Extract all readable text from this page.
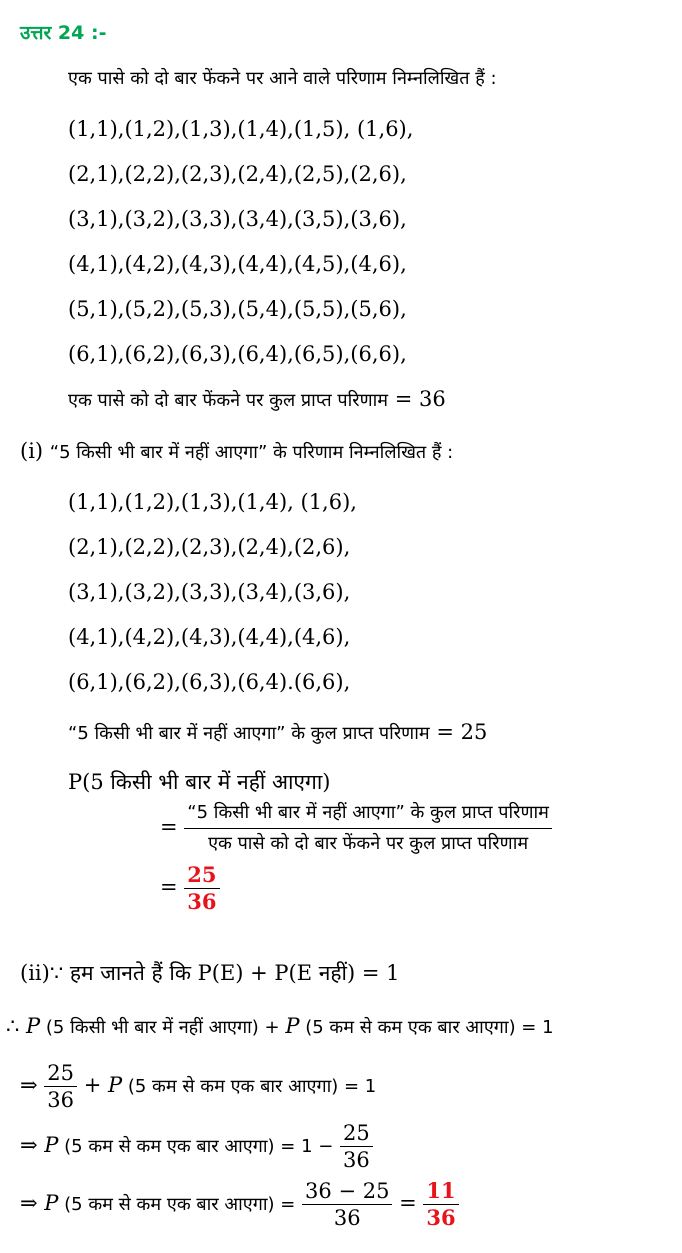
उत्तर 24 :-
एक पासे को दो बार फेंकने पर आने वाले परिणाम निम्नलिखित हैं :
(1,1),(1,2),(1,3),(1,4),(1,5), (1,6),
(2,1),(2,2),(2,3),(2,4),(2,5),(2,6),
(3,1),(3,2),(3,3),(3,4),(3,5),(3,6),
(4,1),(4,2),(4,3),(4,4),(4,5),(4,6),
(5,1),(5,2),(5,3),(5,4),(5,5),(5,6),
(6,1),(6,2),(6,3),(6,4),(6,5),(6,6),
एक पासे को दो बार फेंकने पर कुल प्राप्त परिणाम = 36
(i) “5 किसी भी बार में नहीं आएगा” के परिणाम निम्नलिखित हैं :
(1,1),(1,2),(1,3),(1,4), (1,6),
(2,1),(2,2),(2,3),(2,4),(2,6),
(3,1),(3,2),(3,3),(3,4),(3,6),
(4,1),(4,2),(4,3),(4,4),(4,6),
(6,1),(6,2),(6,3),(6,4).(6,6),
“5 किसी भी बार में नहीं आएगा” के कुल प्राप्त परिणाम = 25
P(5 किसी भी बार में नहीं आएगा)
= $\frac{\text{“5 किसी भी बार में नहीं आएगा” के कुल प्राप्त परिणाम}}{\text{एक पासे को दो बार फेंकने पर कुल प्राप्त परिणाम}}$
= $\frac{25}{36}$
(ii)∵ हम जानते हैं कि P(E) + P(E नहीं) = 1
∴ P (5 किसी भी बार में नहीं आएगा) + P (5 कम से कम एक बार आएगा) = 1
⇒ $\frac{25}{36} + P$ (5 कम से कम एक बार आएगा) = 1
⇒ P (5 कम से कम एक बार आएगा) = $1 - \frac{25}{36}$
⇒ P (5 कम से कम एक बार आएगा) = $\frac{36 - 25}{36} = \frac{11}{36}$
